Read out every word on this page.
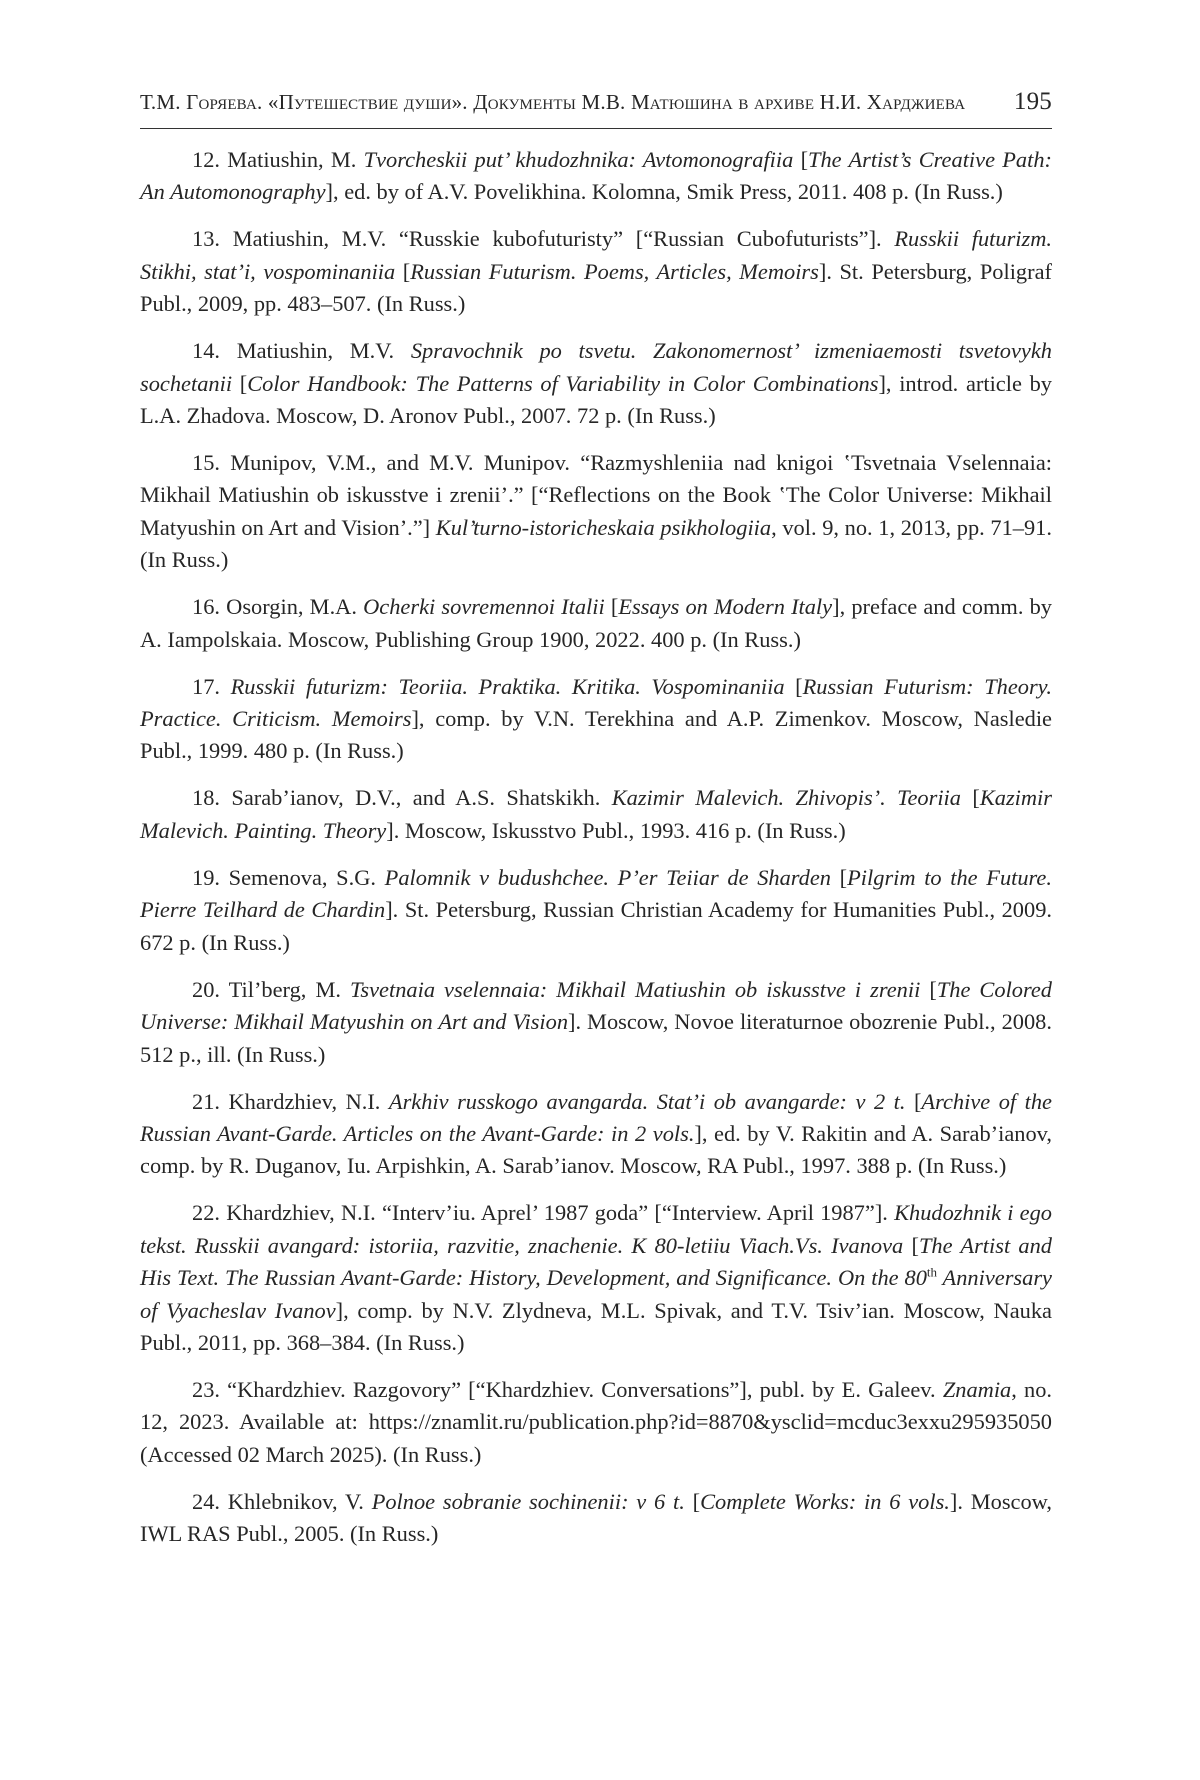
Т.М. Горяева. «Путешествие души». Документы М.В. Матюшина в архиве Н.И. Харджиева 195

12. Matiushin, M. Tvorcheskii put’ khudozhnika: Avtomonografiia [The Artist’s Creative Path: An Automonography], ed. by of A.V. Povelikhina. Kolomna, Smik Press, 2011. 408 p. (In Russ.)

13. Matiushin, M.V. “Russkie kubofuturisty” [“Russian Cubofuturists”]. Russkii futurizm. Stikhi, stat’i, vospominaniia [Russian Futurism. Poems, Articles, Memoirs]. St. Petersburg, Poligraf Publ., 2009, pp. 483–507. (In Russ.)

14. Matiushin, M.V. Spravochnik po tsvetu. Zakonomernost’ izmeniaemosti tsvetovykh sochetanii [Color Handbook: The Patterns of Variability in Color Combinations], introd. article by L.A. Zhadova. Moscow, D. Aronov Publ., 2007. 72 p. (In Russ.)

15. Munipov, V.M., and M.V. Munipov. “Razmyshleniia nad knigoi ʽTsvetnaia Vselennaia: Mikhail Matiushin ob iskusstve i zrenii’.” [“Reflections on the Book ʽThe Color Universe: Mikhail Matyushin on Art and Vision’.”] Kul’turno-istoricheskaia psikhologiia, vol. 9, no. 1, 2013, pp. 71–91. (In Russ.)

16. Osorgin, M.A. Ocherki sovremennoi Italii [Essays on Modern Italy], preface and comm. by A. Iampolskaia. Moscow, Publishing Group 1900, 2022. 400 p. (In Russ.)

17. Russkii futurizm: Teoriia. Praktika. Kritika. Vospominaniia [Russian Futurism: Theory. Practice. Criticism. Memoirs], comp. by V.N. Terekhina and A.P. Zimenkov. Moscow, Nasledie Publ., 1999. 480 p. (In Russ.)

18. Sarab’ianov, D.V., and A.S. Shatskikh. Kazimir Malevich. Zhivopis’. Teoriia [Kazimir Malevich. Painting. Theory]. Moscow, Iskusstvo Publ., 1993. 416 p. (In Russ.)

19. Semenova, S.G. Palomnik v budushchee. P’er Teiiar de Sharden [Pilgrim to the Future. Pierre Teilhard de Chardin]. St. Petersburg, Russian Christian Academy for Humanities Publ., 2009. 672 p. (In Russ.)

20. Til’berg, M. Tsvetnaia vselennaia: Mikhail Matiushin ob iskusstve i zrenii [The Colored Universe: Mikhail Matyushin on Art and Vision]. Moscow, Novoe literaturnoe obozrenie Publ., 2008. 512 p., ill. (In Russ.)

21. Khardzhiev, N.I. Arkhiv russkogo avangarda. Stat’i ob avangarde: v 2 t. [Archive of the Russian Avant-Garde. Articles on the Avant-Garde: in 2 vols.], ed. by V. Rakitin and A. Sarab’ianov, comp. by R. Duganov, Iu. Arpishkin, A. Sarab’ianov. Moscow, RA Publ., 1997. 388 p. (In Russ.)

22. Khardzhiev, N.I. “Interv’iu. Aprel’ 1987 goda” [“Interview. April 1987”]. Khudozhnik i ego tekst. Russkii avangard: istoriia, razvitie, znachenie. K 80-letiiu Viach.Vs. Ivanova [The Artist and His Text. The Russian Avant-Garde: History, Development, and Significance. On the 80th Anniversary of Vyacheslav Ivanov], comp. by N.V. Zlydneva, M.L. Spivak, and T.V. Tsiv’ian. Moscow, Nauka Publ., 2011, pp. 368–384. (In Russ.)

23. “Khardzhiev. Razgovory” [“Khardzhiev. Conversations”], publ. by E. Galeev. Znamia, no. 12, 2023. Available at: https://znamlit.ru/publication.php?id=8870&ysclid=mcduc3exxu295935050 (Accessed 02 March 2025). (In Russ.)

24. Khlebnikov, V. Polnoe sobranie sochinenii: v 6 t. [Complete Works: in 6 vols.]. Moscow, IWL RAS Publ., 2005. (In Russ.)
